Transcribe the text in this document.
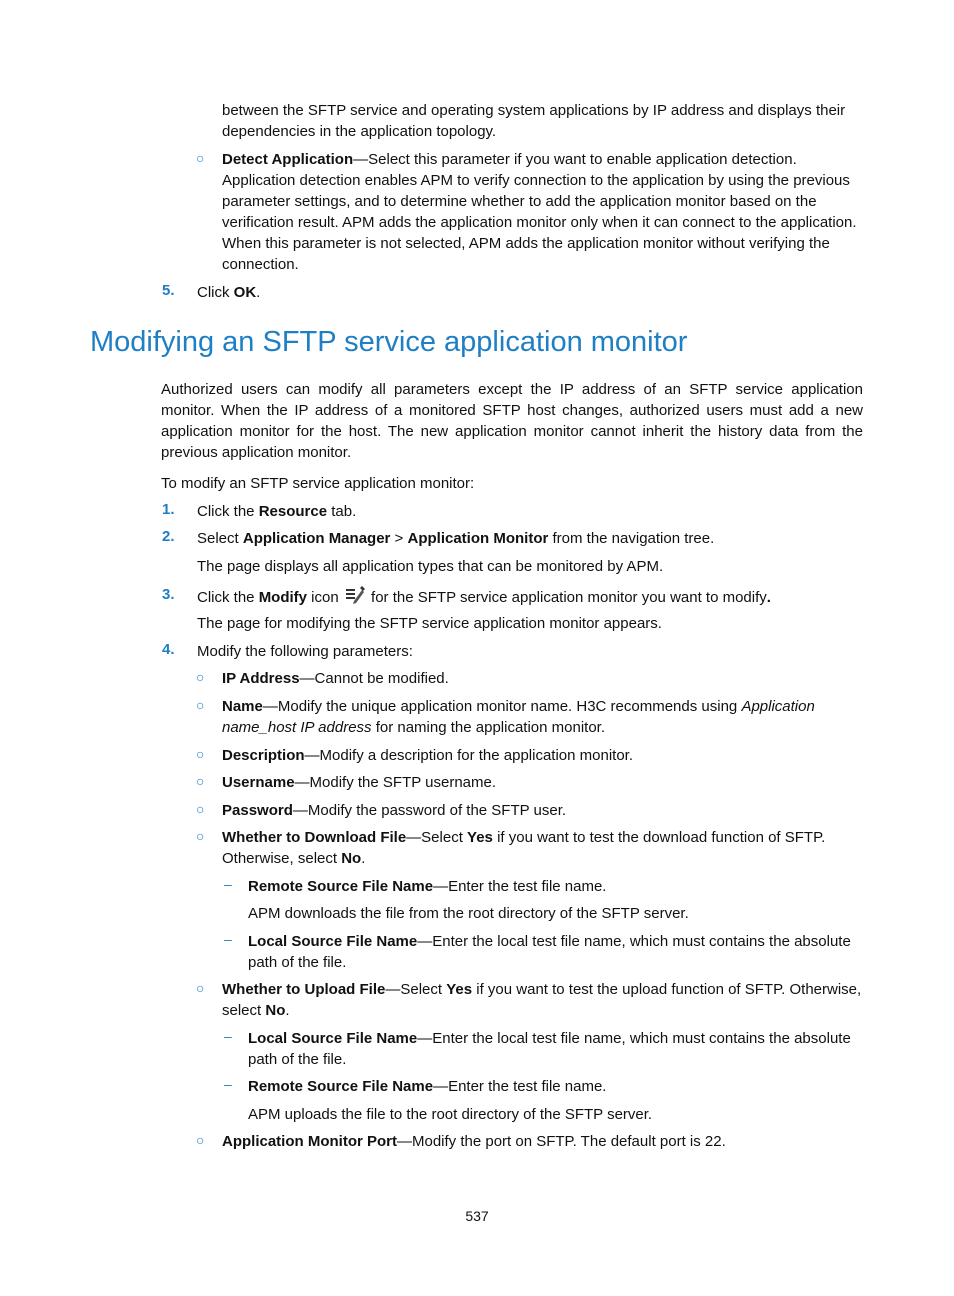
between the SFTP service and operating system applications by IP address and displays their dependencies in the application topology.
○ Detect Application—Select this parameter if you want to enable application detection. Application detection enables APM to verify connection to the application by using the previous parameter settings, and to determine whether to add the application monitor based on the verification result. APM adds the application monitor only when it can connect to the application. When this parameter is not selected, APM adds the application monitor without verifying the connection.
5. Click OK.
Modifying an SFTP service application monitor
Authorized users can modify all parameters except the IP address of an SFTP service application monitor. When the IP address of a monitored SFTP host changes, authorized users must add a new application monitor for the host. The new application monitor cannot inherit the history data from the previous application monitor.
To modify an SFTP service application monitor:
1. Click the Resource tab.
2. Select Application Manager > Application Monitor from the navigation tree.
The page displays all application types that can be monitored by APM.
3. Click the Modify icon  for the SFTP service application monitor you want to modify.
The page for modifying the SFTP service application monitor appears.
4. Modify the following parameters:
○ IP Address—Cannot be modified.
○ Name—Modify the unique application monitor name. H3C recommends using Application name_host IP address for naming the application monitor.
○ Description—Modify a description for the application monitor.
○ Username—Modify the SFTP username.
○ Password—Modify the password of the SFTP user.
○ Whether to Download File—Select Yes if you want to test the download function of SFTP. Otherwise, select No.
– Remote Source File Name—Enter the test file name.
APM downloads the file from the root directory of the SFTP server.
– Local Source File Name—Enter the local test file name, which must contains the absolute path of the file.
○ Whether to Upload File—Select Yes if you want to test the upload function of SFTP. Otherwise, select No.
– Local Source File Name—Enter the local test file name, which must contains the absolute path of the file.
– Remote Source File Name—Enter the test file name.
APM uploads the file to the root directory of the SFTP server.
○ Application Monitor Port—Modify the port on SFTP. The default port is 22.
537
